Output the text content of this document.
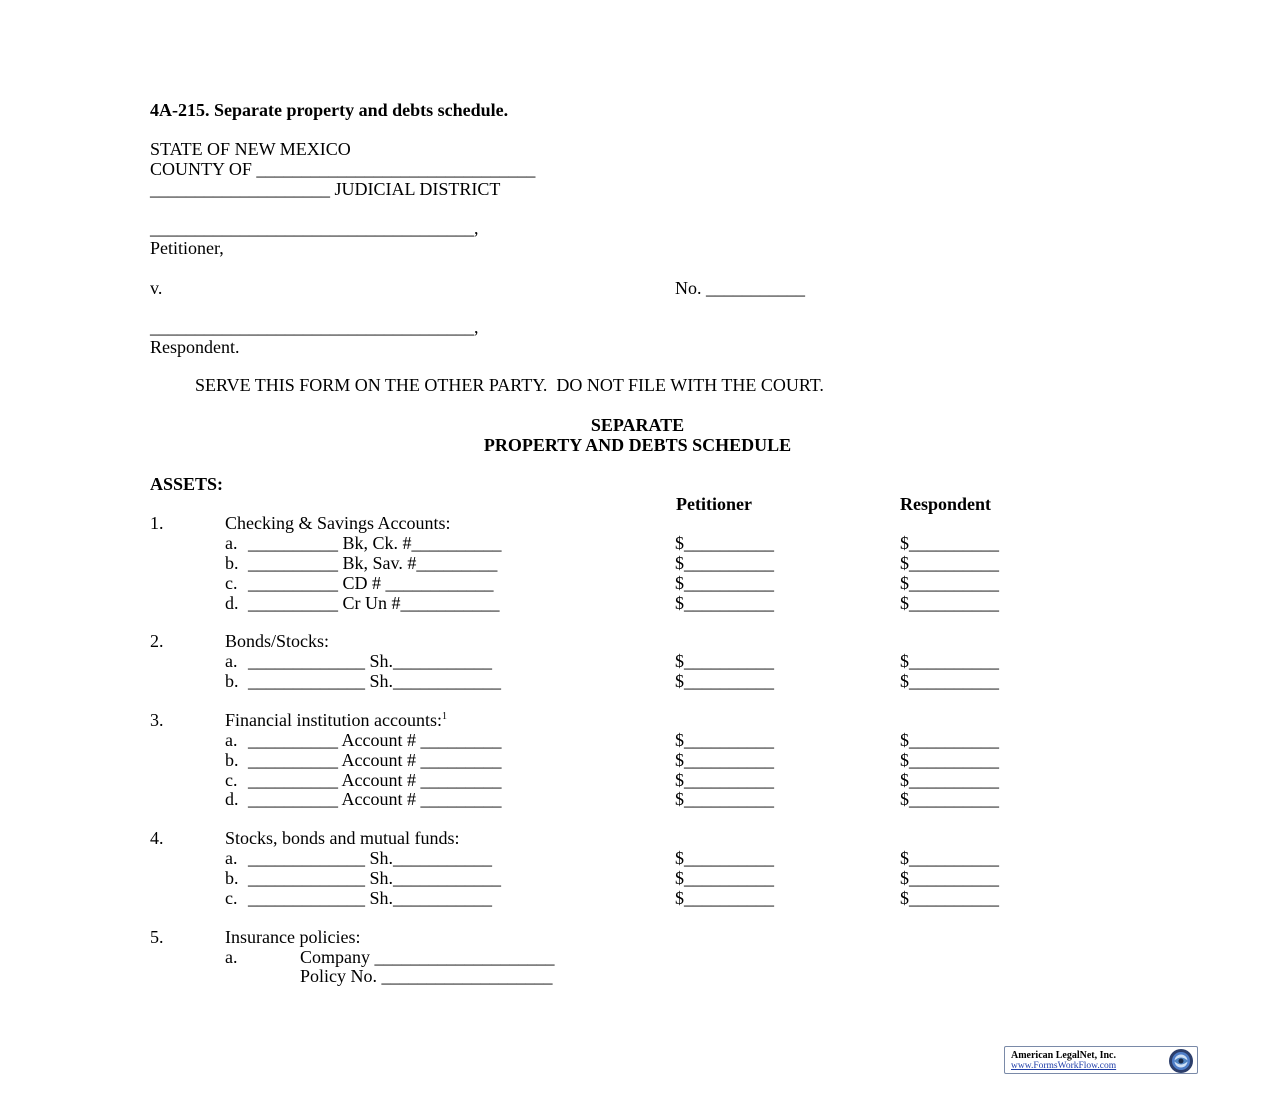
4A-215. Separate property and debts schedule.
STATE OF NEW MEXICO
COUNTY OF _______________________________
____________________ JUDICIAL DISTRICT
____________________________________,
Petitioner,
v.	No. ___________
____________________________________,
Respondent.
SERVE THIS FORM ON THE OTHER PARTY.  DO NOT FILE WITH THE COURT.
SEPARATE
PROPERTY AND DEBTS SCHEDULE
ASSETS:
Petitioner	Respondent
1.	Checking & Savings Accounts:
a. __________ Bk, Ck. #__________	$__________	$__________
b. __________ Bk, Sav. #_________	$__________	$__________
c. __________ CD # ____________	$__________	$__________
d. __________ Cr Un #___________	$__________	$__________
2.	Bonds/Stocks:
a. _____________ Sh.___________	$__________	$__________
b. _____________ Sh.____________	$__________	$__________
3.	Financial institution accounts:$^1$
a. __________ Account # _________	$__________	$__________
b. __________ Account # _________	$__________	$__________
c. __________ Account # _________	$__________	$__________
d. __________ Account # _________	$__________	$__________
4.	Stocks, bonds and mutual funds:
a. _____________ Sh.___________	$__________	$__________
b. _____________ Sh.____________	$__________	$__________
c. _____________ Sh.___________	$__________	$__________
5.	Insurance policies:
a.	Company ____________________
Policy No. ___________________
American LegalNet, Inc.
www.FormsWorkFlow.com
